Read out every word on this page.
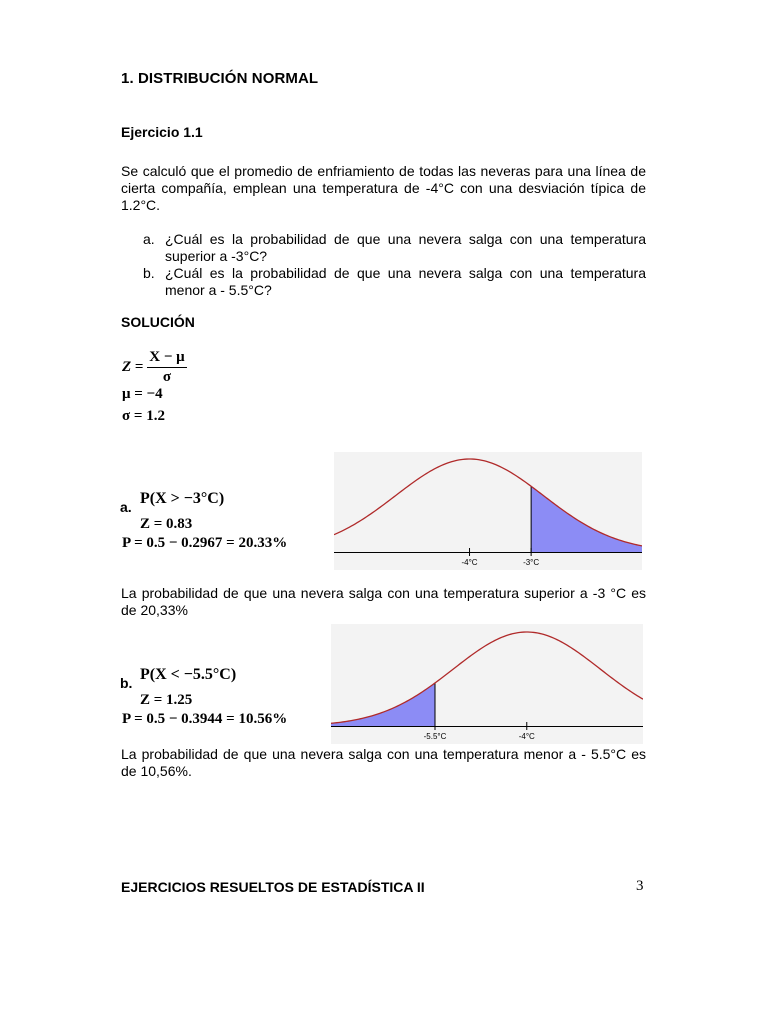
1. DISTRIBUCIÓN NORMAL
Ejercicio 1.1
Se calculó que el promedio de enfriamiento de todas las neveras para una línea de cierta compañía, emplean una temperatura de -4°C con una desviación típica de 1.2°C.
a. ¿Cuál es la probabilidad de que una nevera salga con una temperatura superior a -3°C?
b. ¿Cuál es la probabilidad de que una nevera salga con una temperatura menor a - 5.5°C?
SOLUCIÓN
$Z = \frac{X - \mu}{\sigma}$
μ = −4
σ = 1.2
a. P(X > −3°C)
Z = 0.83
P = 0.5 − 0.2967 = 20.33%
-4°C	-3°C
La probabilidad de que una nevera salga con una temperatura superior a -3 °C es de 20,33%
b. P(X < −5.5°C)
Z = 1.25
P = 0.5 − 0.3944 = 10.56%
-5.5°C	-4°C
La probabilidad de que una nevera salga con una temperatura menor a - 5.5°C es de 10,56%.
EJERCICIOS RESUELTOS DE ESTADÍSTICA II	3
